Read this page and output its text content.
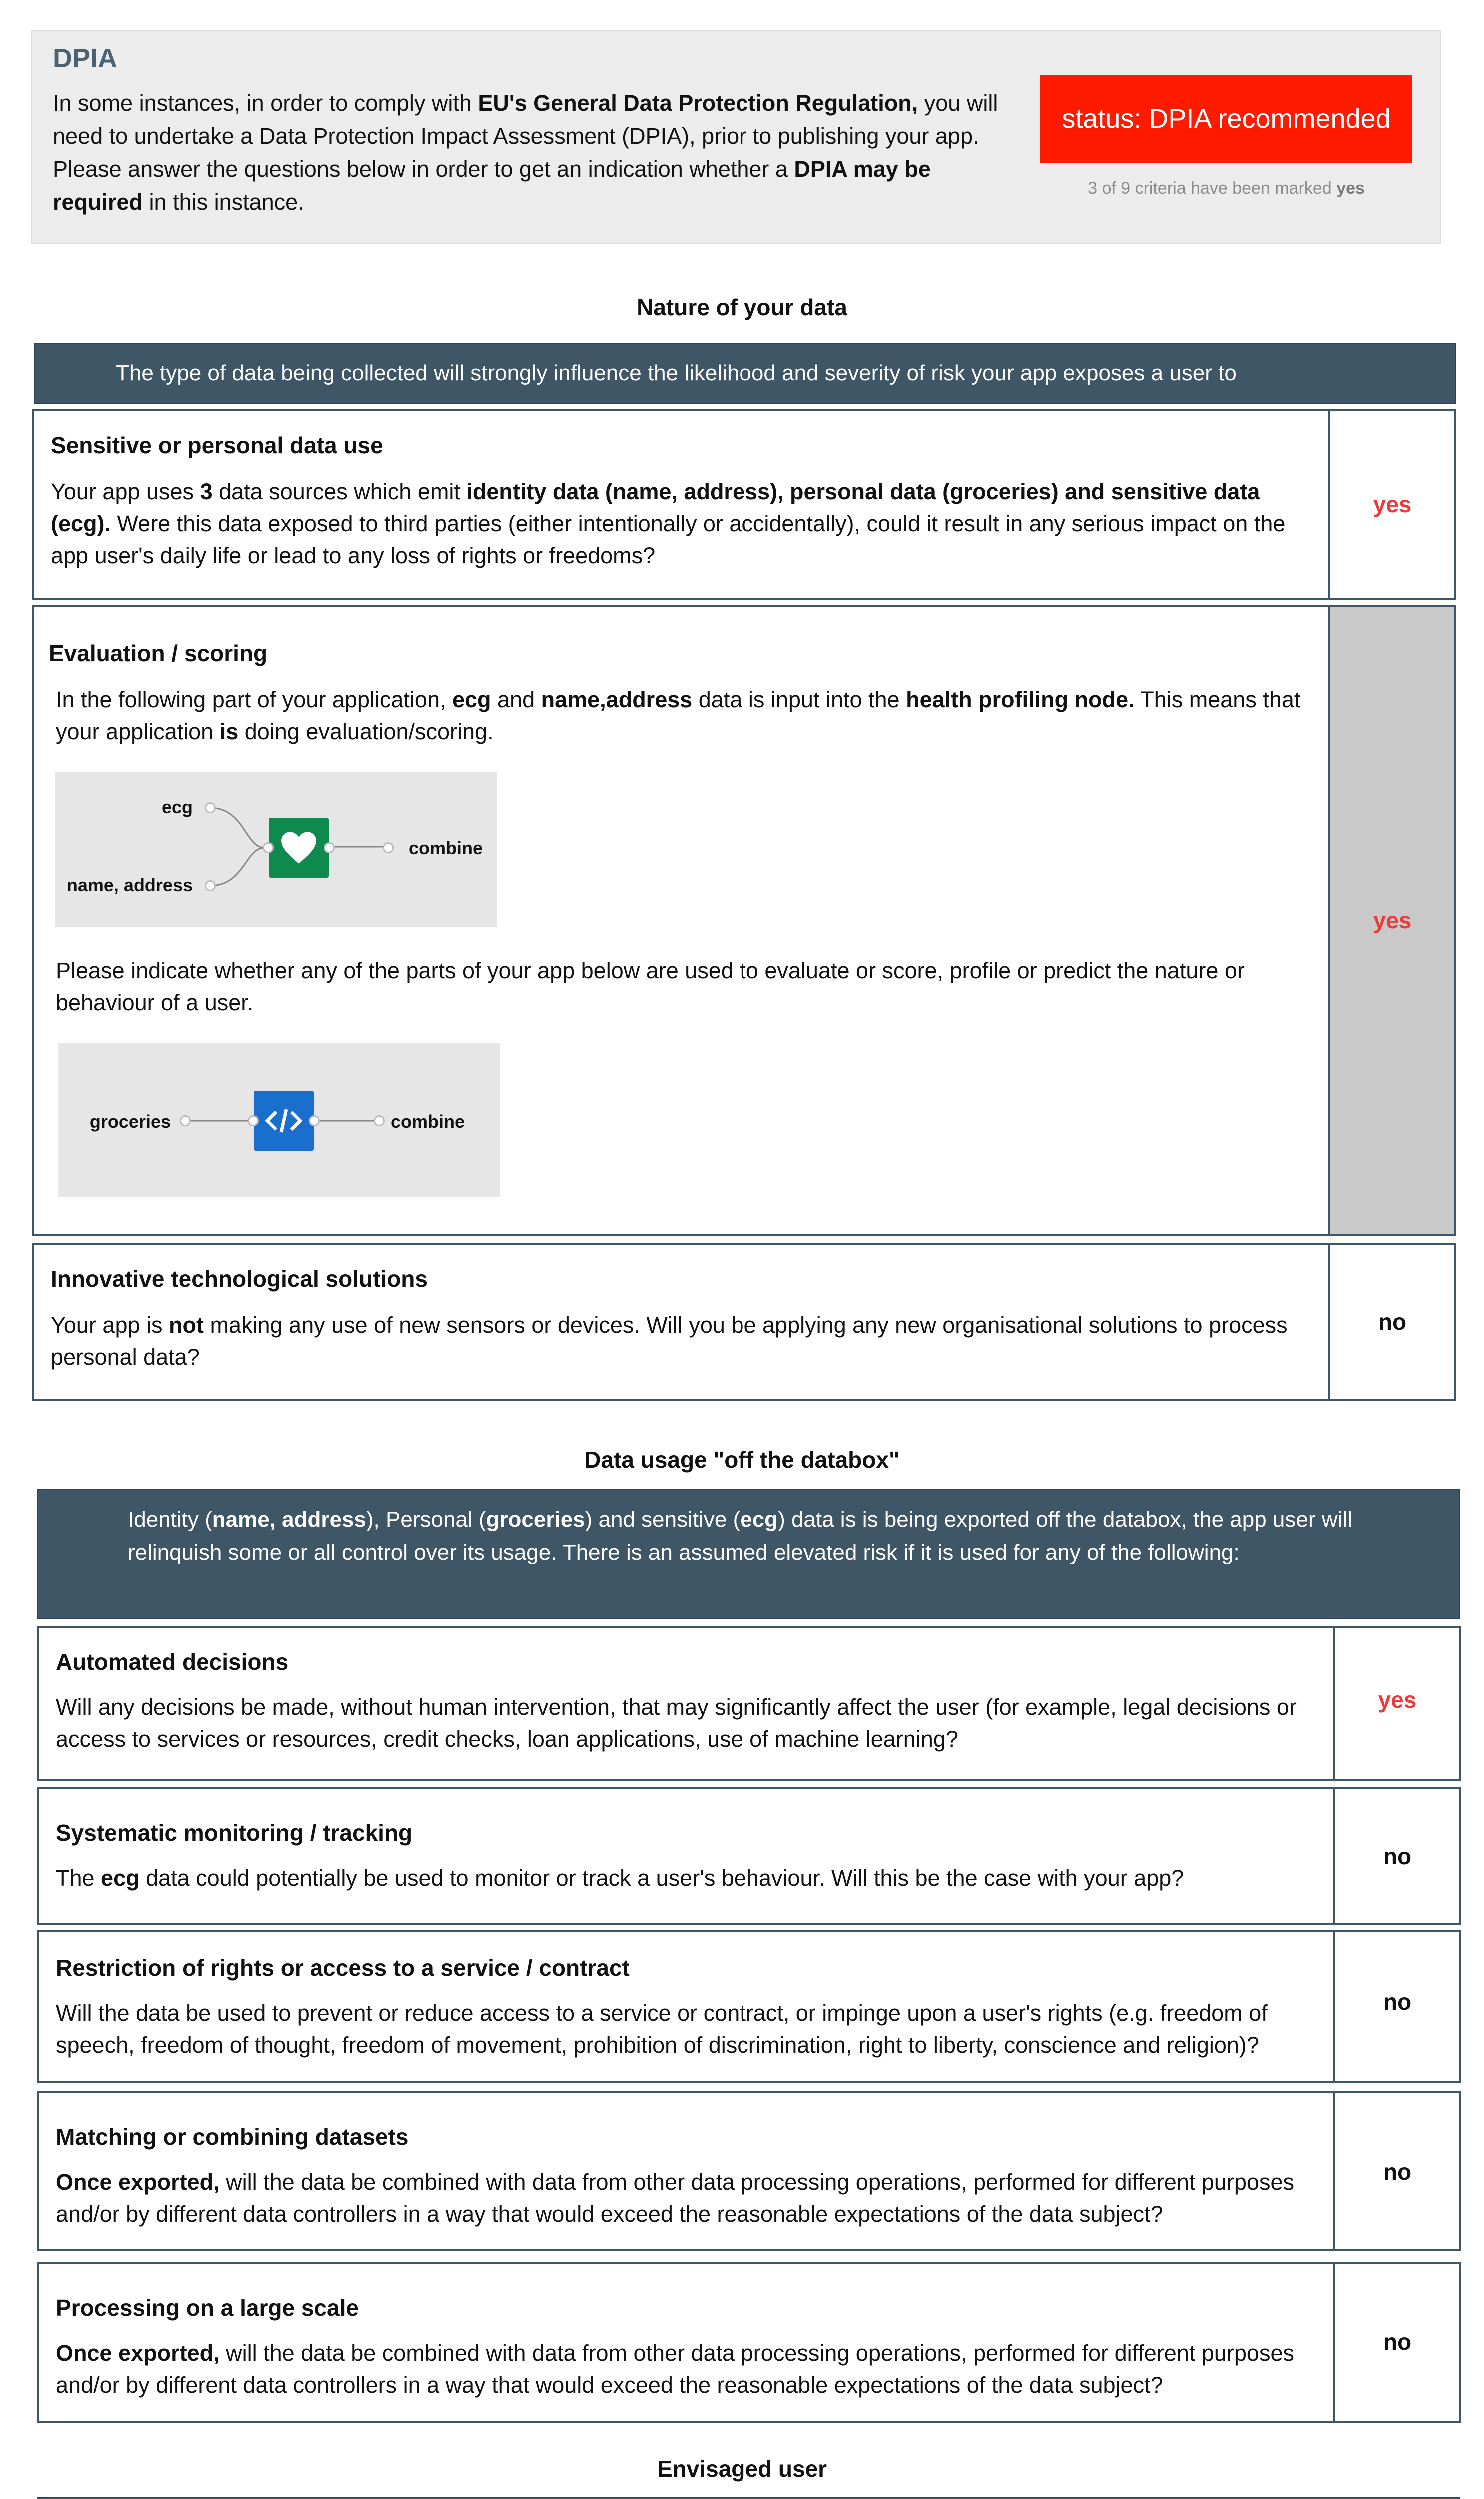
DPIA
In some instances, in order to comply with EU's General Data Protection Regulation, you will need to undertake a Data Protection Impact Assessment (DPIA), prior to publishing your app. Please answer the questions below in order to get an indication whether a DPIA may be required in this instance.
status: DPIA recommended
3 of 9 criteria have been marked yes
Nature of your data
The type of data being collected will strongly influence the likelihood and severity of risk your app exposes a user to
Sensitive or personal data use
Your app uses 3 data sources which emit identity data (name, address), personal data (groceries) and sensitive data (ecg). Were this data exposed to third parties (either intentionally or accidentally), could it result in any serious impact on the app user's daily life or lead to any loss of rights or freedoms?
yes
Evaluation / scoring
In the following part of your application, ecg and name,address data is input into the health profiling node. This means that your application is doing evaluation/scoring.
ecg
name, address
combine
Please indicate whether any of the parts of your app below are used to evaluate or score, profile or predict the nature or behaviour of a user.
groceries	combine
yes
Innovative technological solutions
Your app is not making any use of new sensors or devices. Will you be applying any new organisational solutions to process personal data?
no
Data usage "off the databox"
Identity (name, address), Personal (groceries) and sensitive (ecg) data is is being exported off the databox, the app user will relinquish some or all control over its usage. There is an assumed elevated risk if it is used for any of the following:
Automated decisions
Will any decisions be made, without human intervention, that may significantly affect the user (for example, legal decisions or access to services or resources, credit checks, loan applications, use of machine learning?
yes
Systematic monitoring / tracking
The ecg data could potentially be used to monitor or track a user's behaviour. Will this be the case with your app?
no
Restriction of rights or access to a service / contract
Will the data be used to prevent or reduce access to a service or contract, or impinge upon a user's rights (e.g. freedom of speech, freedom of thought, freedom of movement, prohibition of discrimination, right to liberty, conscience and religion)?
no
Matching or combining datasets
Once exported, will the data be combined with data from other data processing operations, performed for different purposes and/or by different data controllers in a way that would exceed the reasonable expectations of the data subject?
no
Processing on a large scale
Once exported, will the data be combined with data from other data processing operations, performed for different purposes and/or by different data controllers in a way that would exceed the reasonable expectations of the data subject?
no
Envisaged user
